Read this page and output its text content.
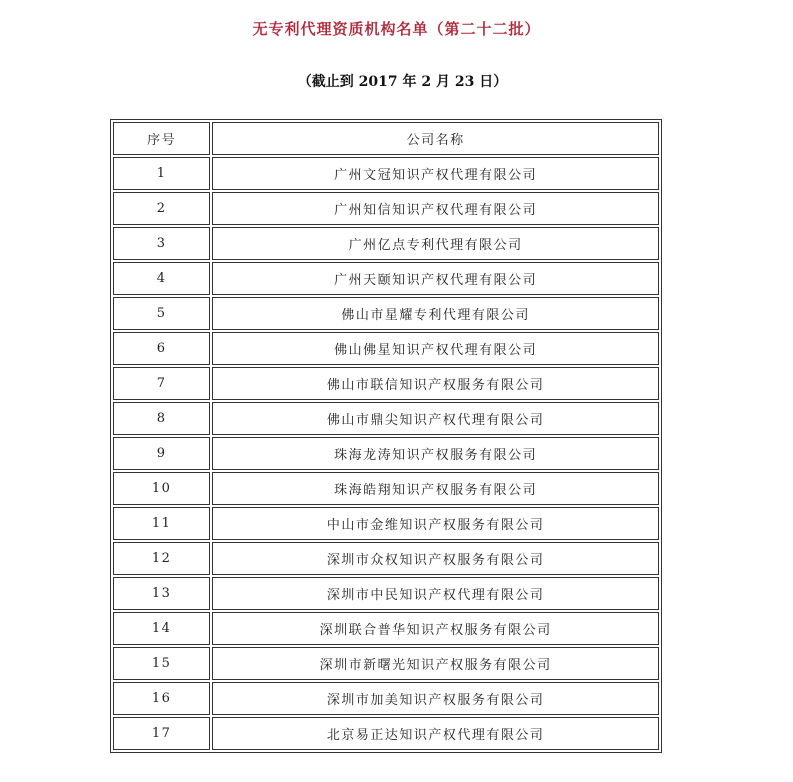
无专利代理资质机构名单（第二十二批）
（截止到 2017 年 2 月 23 日）
序号	公司名称
1	广州文冠知识产权代理有限公司
2	广州知信知识产权代理有限公司
3	广州亿点专利代理有限公司
4	广州天颐知识产权代理有限公司
5	佛山市星耀专利代理有限公司
6	佛山佛星知识产权代理有限公司
7	佛山市联信知识产权服务有限公司
8	佛山市鼎尖知识产权代理有限公司
9	珠海龙涛知识产权服务有限公司
10	珠海皓翔知识产权服务有限公司
11	中山市金维知识产权服务有限公司
12	深圳市众权知识产权服务有限公司
13	深圳市中民知识产权代理有限公司
14	深圳联合普华知识产权服务有限公司
15	深圳市新曙光知识产权服务有限公司
16	深圳市加美知识产权服务有限公司
17	北京易正达知识产权代理有限公司
